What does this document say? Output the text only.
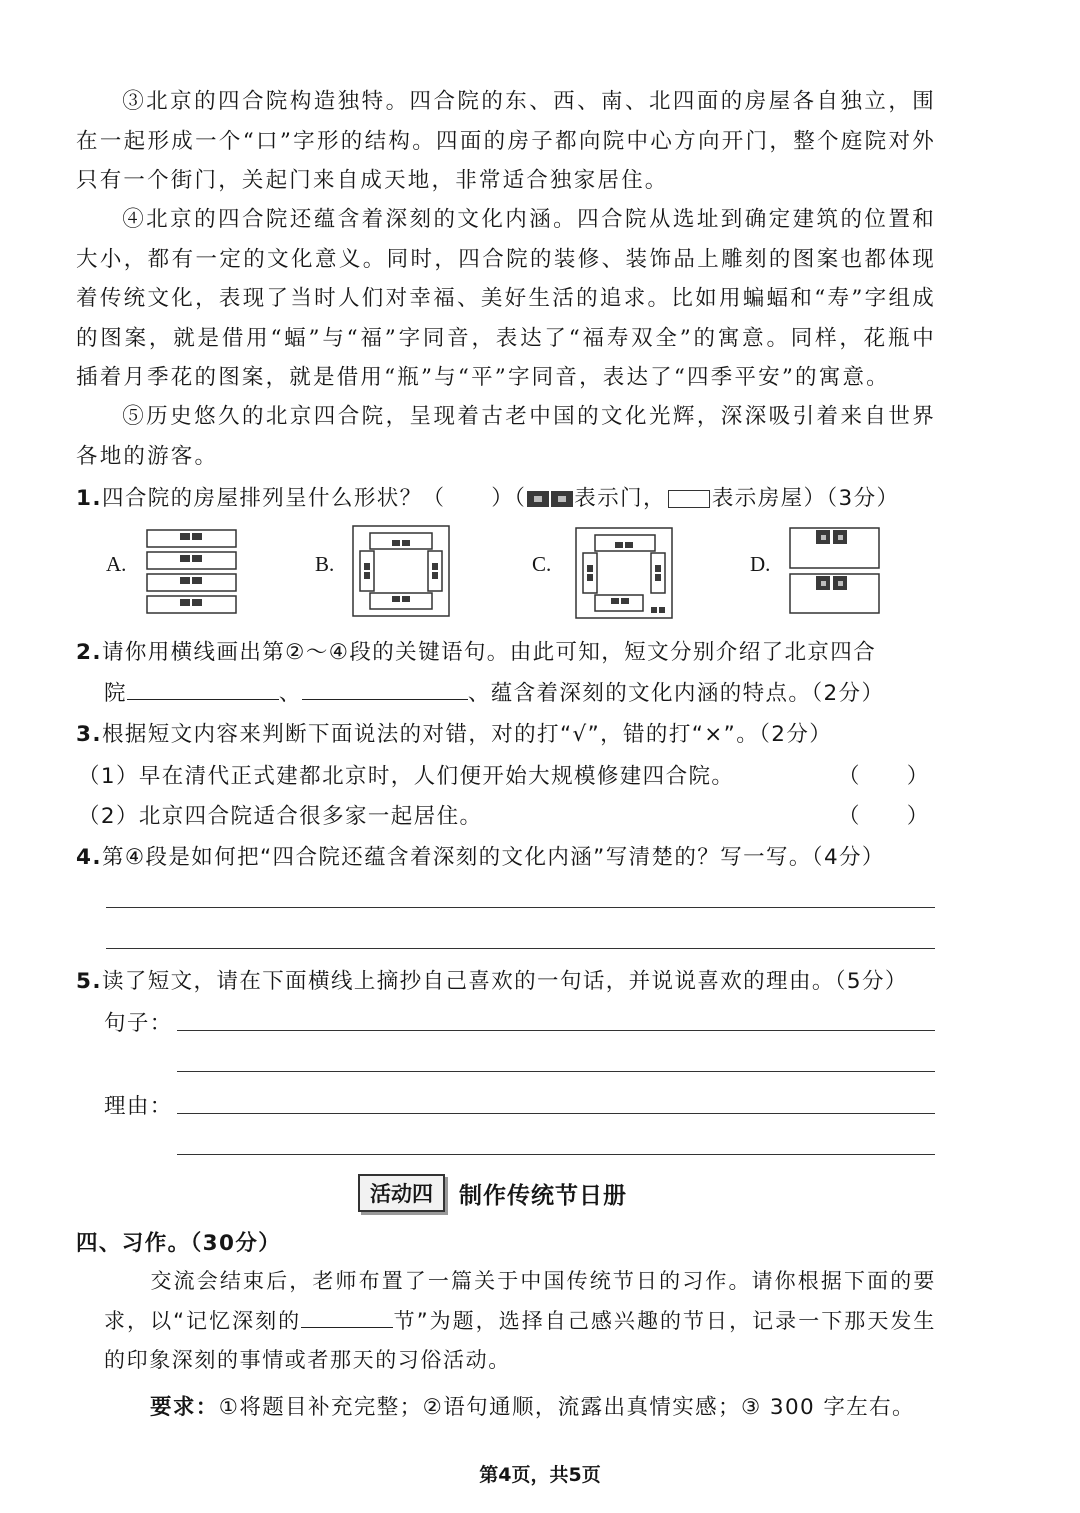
③北京的四合院构造独特。四合院的东、西、南、北四面的房屋各自独立，围在一起形成一个“口”字形的结构。四面的房子都向院中心方向开门，整个庭院对外只有一个街门，关起门来自成天地，非常适合独家居住。
④北京的四合院还蕴含着深刻的文化内涵。四合院从选址到确定建筑的位置和大小，都有一定的文化意义。同时，四合院的装修、装饰品上雕刻的图案也都体现着传统文化，表现了当时人们对幸福、美好生活的追求。比如用蝙蝠和“寿”字组成的图案，就是借用“蝠”与“福”字同音，表达了“福寿双全”的寓意。同样，花瓶中插着月季花的图案，就是借用“瓶”与“平”字同音，表达了“四季平安”的寓意。
⑤历史悠久的北京四合院，呈现着古老中国的文化光辉，深深吸引着来自世界各地的游客。
1.四合院的房屋排列呈什么形状？（　　）（ 表示门， 表示房屋）（3分）
A.	B.	C.	D.
2.请你用横线画出第②～④段的关键语句。由此可知，短文分别介绍了北京四合
院	、	、蕴含着深刻的文化内涵的特点。（2分）
3.根据短文内容来判断下面说法的对错，对的打“√”，错的打“×”。（2分）
（1）早在清代正式建都北京时，人们便开始大规模修建四合院。	（　　）
（2）北京四合院适合很多家一起居住。	（　　）
4.第④段是如何把“四合院还蕴含着深刻的文化内涵”写清楚的？写一写。（4分）
5.读了短文，请在下面横线上摘抄自己喜欢的一句话，并说说喜欢的理由。（5分）
句子：
理由：
活动四	制作传统节日册
四、习作。（30分）
交流会结束后，老师布置了一篇关于中国传统节日的习作。请你根据下面的要求，以“记忆深刻的	节”为题，选择自己感兴趣的节日，记录一下那天发生的印象深刻的事情或者那天的习俗活动。
要求：①将题目补充完整；②语句通顺，流露出真情实感；③ 300 字左右。
第4页，共5页
